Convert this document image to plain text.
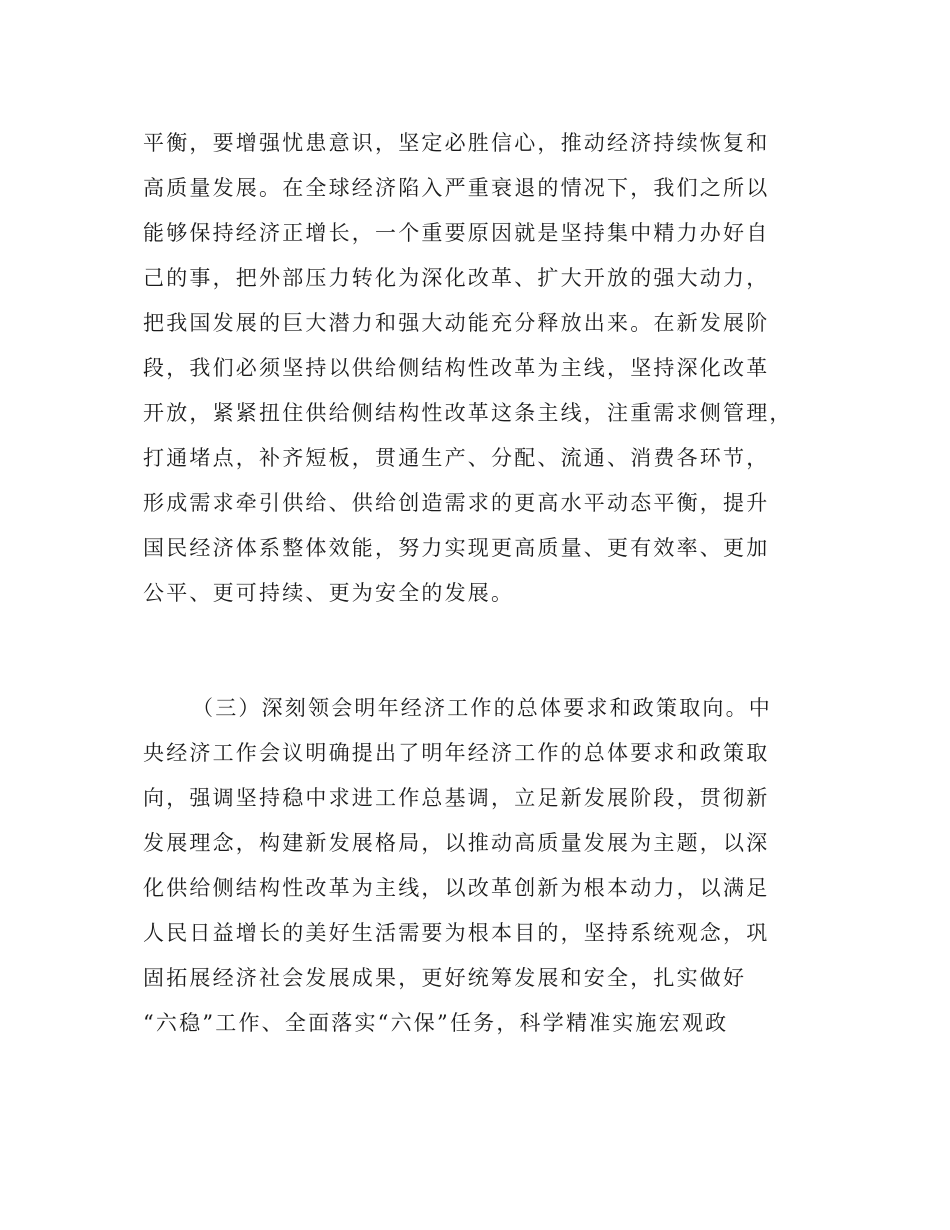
平衡，要增强忧患意识，坚定必胜信心，推动经济持续恢复和
高质量发展。在全球经济陷入严重衰退的情况下，我们之所以
能够保持经济正增长，一个重要原因就是坚持集中精力办好自
己的事，把外部压力转化为深化改革、扩大开放的强大动力，
把我国发展的巨大潜力和强大动能充分释放出来。在新发展阶
段，我们必须坚持以供给侧结构性改革为主线，坚持深化改革
开放，紧紧扭住供给侧结构性改革这条主线，注重需求侧管理，
打通堵点，补齐短板，贯通生产、分配、流通、消费各环节，
形成需求牵引供给、供给创造需求的更高水平动态平衡，提升
国民经济体系整体效能，努力实现更高质量、更有效率、更加
公平、更可持续、更为安全的发展。
（三）深刻领会明年经济工作的总体要求和政策取向。中
央经济工作会议明确提出了明年经济工作的总体要求和政策取
向，强调坚持稳中求进工作总基调，立足新发展阶段，贯彻新
发展理念，构建新发展格局，以推动高质量发展为主题，以深
化供给侧结构性改革为主线，以改革创新为根本动力，以满足
人民日益增长的美好生活需要为根本目的，坚持系统观念，巩
固拓展经济社会发展成果，更好统筹发展和安全，扎实做好
“六稳”工作、全面落实“六保”任务，科学精准实施宏观政
